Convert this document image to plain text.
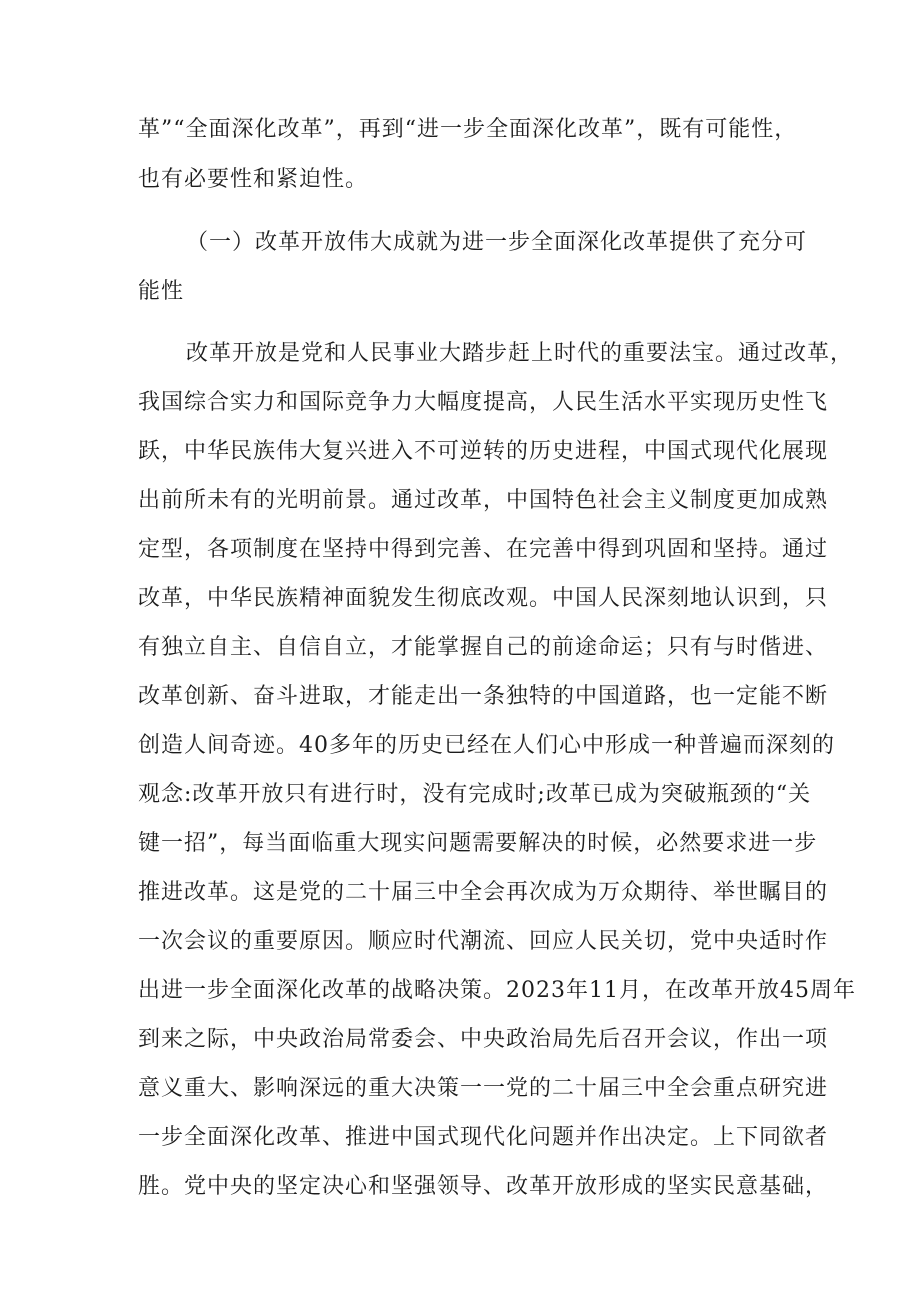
革”“全面深化改革”，再到“进一步全面深化改革”，既有可能性，
也有必要性和紧迫性。
（一）改革开放伟大成就为进一步全面深化改革提供了充分可
能性
改革开放是党和人民事业大踏步赶上时代的重要法宝。通过改革，
我国综合实力和国际竞争力大幅度提高，人民生活水平实现历史性飞
跃，中华民族伟大复兴进入不可逆转的历史进程，中国式现代化展现
出前所未有的光明前景。通过改革，中国特色社会主义制度更加成熟
定型，各项制度在坚持中得到完善、在完善中得到巩固和坚持。通过
改革，中华民族精神面貌发生彻底改观。中国人民深刻地认识到，只
有独立自主、自信自立，才能掌握自己的前途命运；只有与时偕进、
改革创新、奋斗进取，才能走出一条独特的中国道路，也一定能不断
创造人间奇迹。40多年的历史已经在人们心中形成一种普遍而深刻的
观念:改革开放只有进行时，没有完成时;改革已成为突破瓶颈的“关
键一招”，每当面临重大现实问题需要解决的时候，必然要求进一步
推进改革。这是党的二十届三中全会再次成为万众期待、举世瞩目的
一次会议的重要原因。顺应时代潮流、回应人民关切，党中央适时作
出进一步全面深化改革的战略决策。2023年11月，在改革开放45周年
到来之际，中央政治局常委会、中央政治局先后召开会议，作出一项
意义重大、影响深远的重大决策一一党的二十届三中全会重点研究进
一步全面深化改革、推进中国式现代化问题并作出决定。上下同欲者
胜。党中央的坚定决心和坚强领导、改革开放形成的坚实民意基础，
